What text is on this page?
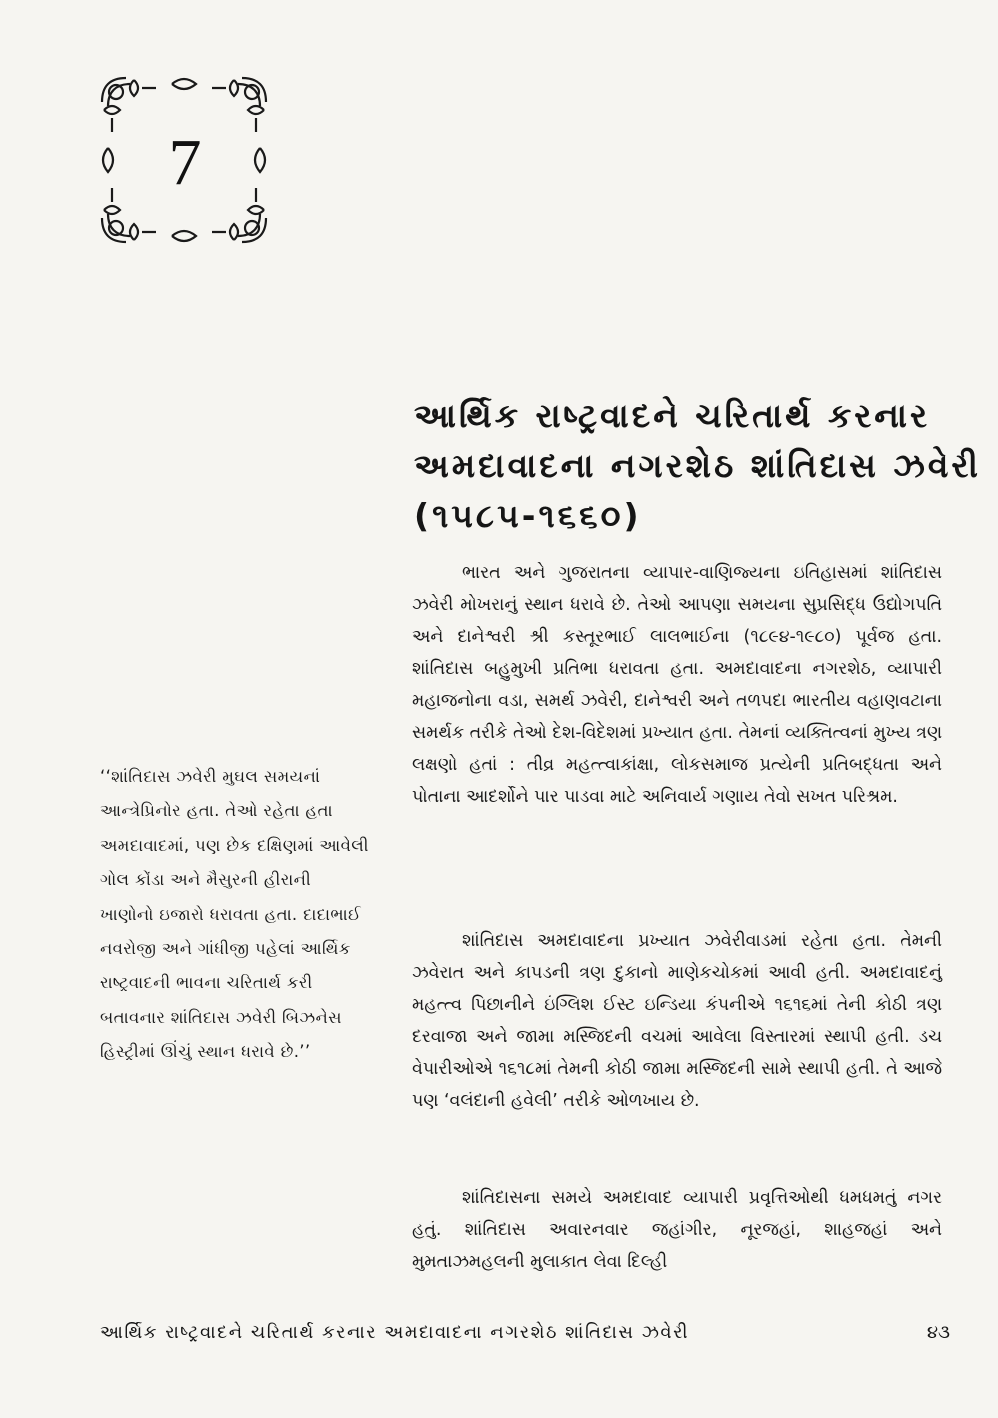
7
આર્થિક રાષ્ટ્રવાદને ચરિતાર્થ કરનાર
અમદાવાદના નગરશેઠ શાંતિદાસ ઝવેરી
(૧૫૮૫-૧૬૬૦)

ભારત અને ગુજરાતના વ્યાપાર-વાણિજ્યના ઇતિહાસમાં શાંતિદાસ ઝવેરી મોખરાનું સ્થાન ધરાવે છે. તેઓ આપણા સમયના સુપ્રસિદ્ધ ઉદ્યોગપતિ અને દાનેશ્વરી શ્રી કસ્તૂરભાઈ લાલભાઈના (૧૮૯૪-૧૯૮૦) પૂર્વજ હતા. શાંતિદાસ બહુમુખી પ્રતિભા ધરાવતા હતા. અમદાવાદના નગરશેઠ, વ્યાપારી મહાજનોના વડા, સમર્થ ઝવેરી, દાનેશ્વરી અને તળપદા ભારતીય વહાણવટાના સમર્થક તરીકે તેઓ દેશ-વિદેશમાં પ્રખ્યાત હતા. તેમનાં વ્યક્તિત્વનાં મુખ્ય ત્રણ લક્ષણો હતાં : તીવ્ર મહત્ત્વાકાંક્ષા, લોકસમાજ પ્રત્યેની પ્રતિબદ્ધતા અને પોતાના આદર્શોને પાર પાડવા માટે અનિવાર્ય ગણાય તેવો સખત પરિશ્રમ.

શાંતિદાસ અમદાવાદના પ્રખ્યાત ઝવેરીવાડમાં રહેતા હતા. તેમની ઝવેરાત અને કાપડની ત્રણ દુકાનો માણેકચોકમાં આવી હતી. અમદાવાદનું મહત્ત્વ પિછાનીને ઇંગ્લિશ ઈસ્ટ ઇન્ડિયા કંપનીએ ૧૬૧૬માં તેની કોઠી ત્રણ દરવાજા અને જામા મસ્જિદની વચમાં આવેલા વિસ્તારમાં સ્થાપી હતી. ડચ વેપારીઓએ ૧૬૧૮માં તેમની કોઠી જામા મસ્જિદની સામે સ્થાપી હતી. તે આજે પણ ‘વલંદાની હવેલી’ તરીકે ઓળખાય છે.

શાંતિદાસના સમયે અમદાવાદ વ્યાપારી પ્રવૃત્તિઓથી ધમધમતું નગર હતું. શાંતિદાસ અવારનવાર જહાંગીર, નૂરજહાં, શાહજહાં અને મુમતાઝમહલની મુલાકાત લેવા દિલ્હી

‘‘શાંતિદાસ ઝવેરી મુઘલ સમયનાં આન્ત્રેપ્રિનોર હતા. તેઓ રહેતા હતા અમદાવાદમાં, પણ છેક દક્ષિણમાં આવેલી ગોલ કોંડા અને મૈસુરની હીરાની ખાણોનો ઇજારો ધરાવતા હતા. દાદાભાઈ નવરોજી અને ગાંધીજી પહેલાં આર્થિક રાષ્ટ્રવાદની ભાવના ચરિતાર્થ કરી બતાવનાર શાંતિદાસ ઝવેરી બિઝનેસ હિસ્ટ્રીમાં ઊંચું સ્થાન ધરાવે છે.’’

આર્થિક રાષ્ટ્રવાદને ચરિતાર્થ કરનાર અમદાવાદના નગરશેઠ શાંતિદાસ ઝવેરી	૪૩
